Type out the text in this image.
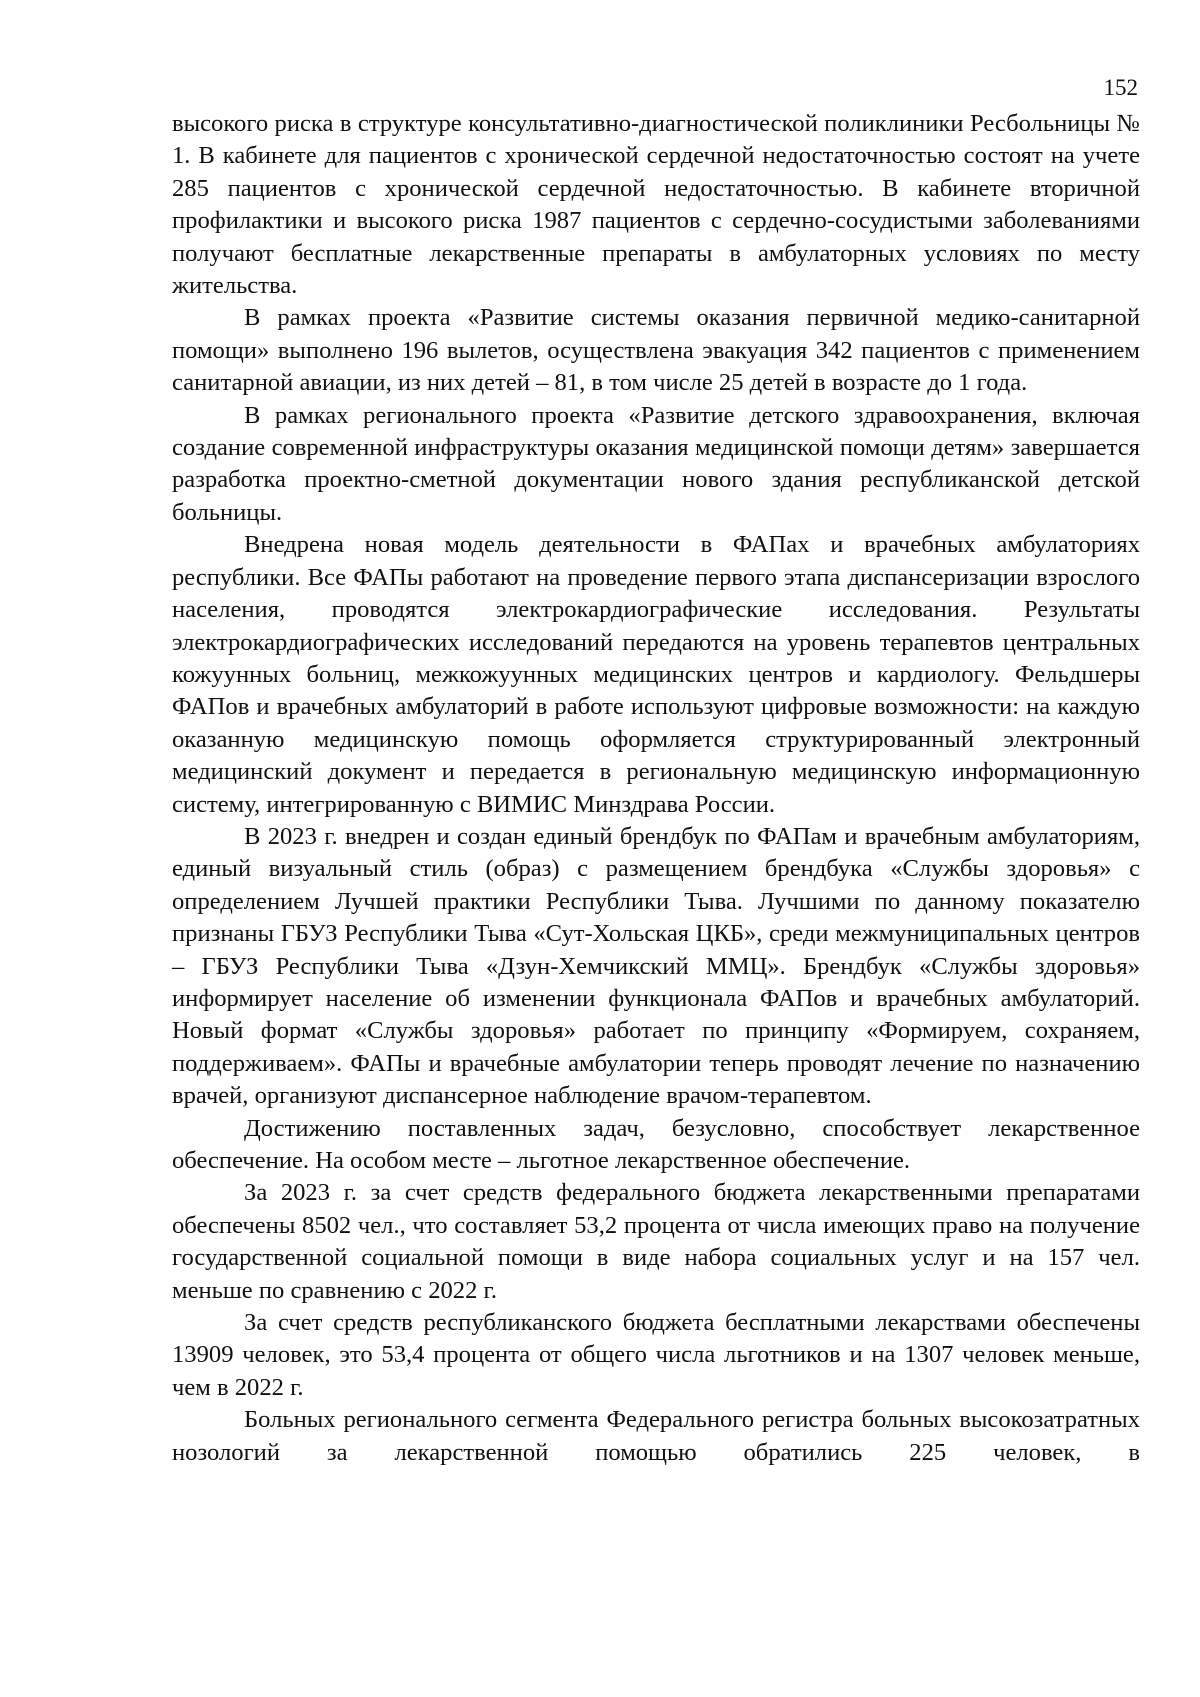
152

высокого риска в структуре консультативно-диагностической поликлиники Ресбольницы № 1. В кабинете для пациентов с хронической сердечной недостаточностью состоят на учете 285 пациентов с хронической сердечной недостаточностью. В кабинете вторичной профилактики и высокого риска 1987 пациентов с сердечно-сосудистыми заболеваниями получают бесплатные лекарственные препараты в амбулаторных условиях по месту жительства.

В рамках проекта «Развитие системы оказания первичной медико-санитарной помощи» выполнено 196 вылетов, осуществлена эвакуация 342 пациентов с применением санитарной авиации, из них детей – 81, в том числе 25 детей в возрасте до 1 года.

В рамках регионального проекта «Развитие детского здравоохранения, включая создание современной инфраструктуры оказания медицинской помощи детям» завершается разработка проектно-сметной документации нового здания республиканской детской больницы.

Внедрена новая модель деятельности в ФАПах и врачебных амбулаториях республики. Все ФАПы работают на проведение первого этапа диспансеризации взрослого населения, проводятся электрокардиографические исследования. Результаты электрокардиографических исследований передаются на уровень терапевтов центральных кожуунных больниц, межкожуунных медицинских центров и кардиологу. Фельдшеры ФАПов и врачебных амбулаторий в работе используют цифровые возможности: на каждую оказанную медицинскую помощь оформляется структурированный электронный медицинский документ и передается в региональную медицинскую информационную систему, интегрированную с ВИМИС Минздрава России.

В 2023 г. внедрен и создан единый брендбук по ФАПам и врачебным амбулаториям, единый визуальный стиль (образ) с размещением брендбука «Службы здоровья» с определением Лучшей практики Республики Тыва. Лучшими по данному показателю признаны ГБУЗ Республики Тыва «Сут-Хольская ЦКБ», среди межмуниципальных центров – ГБУЗ Республики Тыва «Дзун-Хемчикский ММЦ». Брендбук «Службы здоровья» информирует население об изменении функционала ФАПов и врачебных амбулаторий. Новый формат «Службы здоровья» работает по принципу «Формируем, сохраняем, поддерживаем». ФАПы и врачебные амбулатории теперь проводят лечение по назначению врачей, организуют диспансерное наблюдение врачом-терапевтом.

Достижению поставленных задач, безусловно, способствует лекарственное обеспечение. На особом месте – льготное лекарственное обеспечение.

За 2023 г. за счет средств федерального бюджета лекарственными препаратами обеспечены 8502 чел., что составляет 53,2 процента от числа имеющих право на получение государственной социальной помощи в виде набора социальных услуг и на 157 чел. меньше по сравнению с 2022 г.

За счет средств республиканского бюджета бесплатными лекарствами обеспечены 13909 человек, это 53,4 процента от общего числа льготников и на 1307 человек меньше, чем в 2022 г.

Больных регионального сегмента Федерального регистра больных высокозатратных нозологий за лекарственной помощью обратились 225 человек, в
